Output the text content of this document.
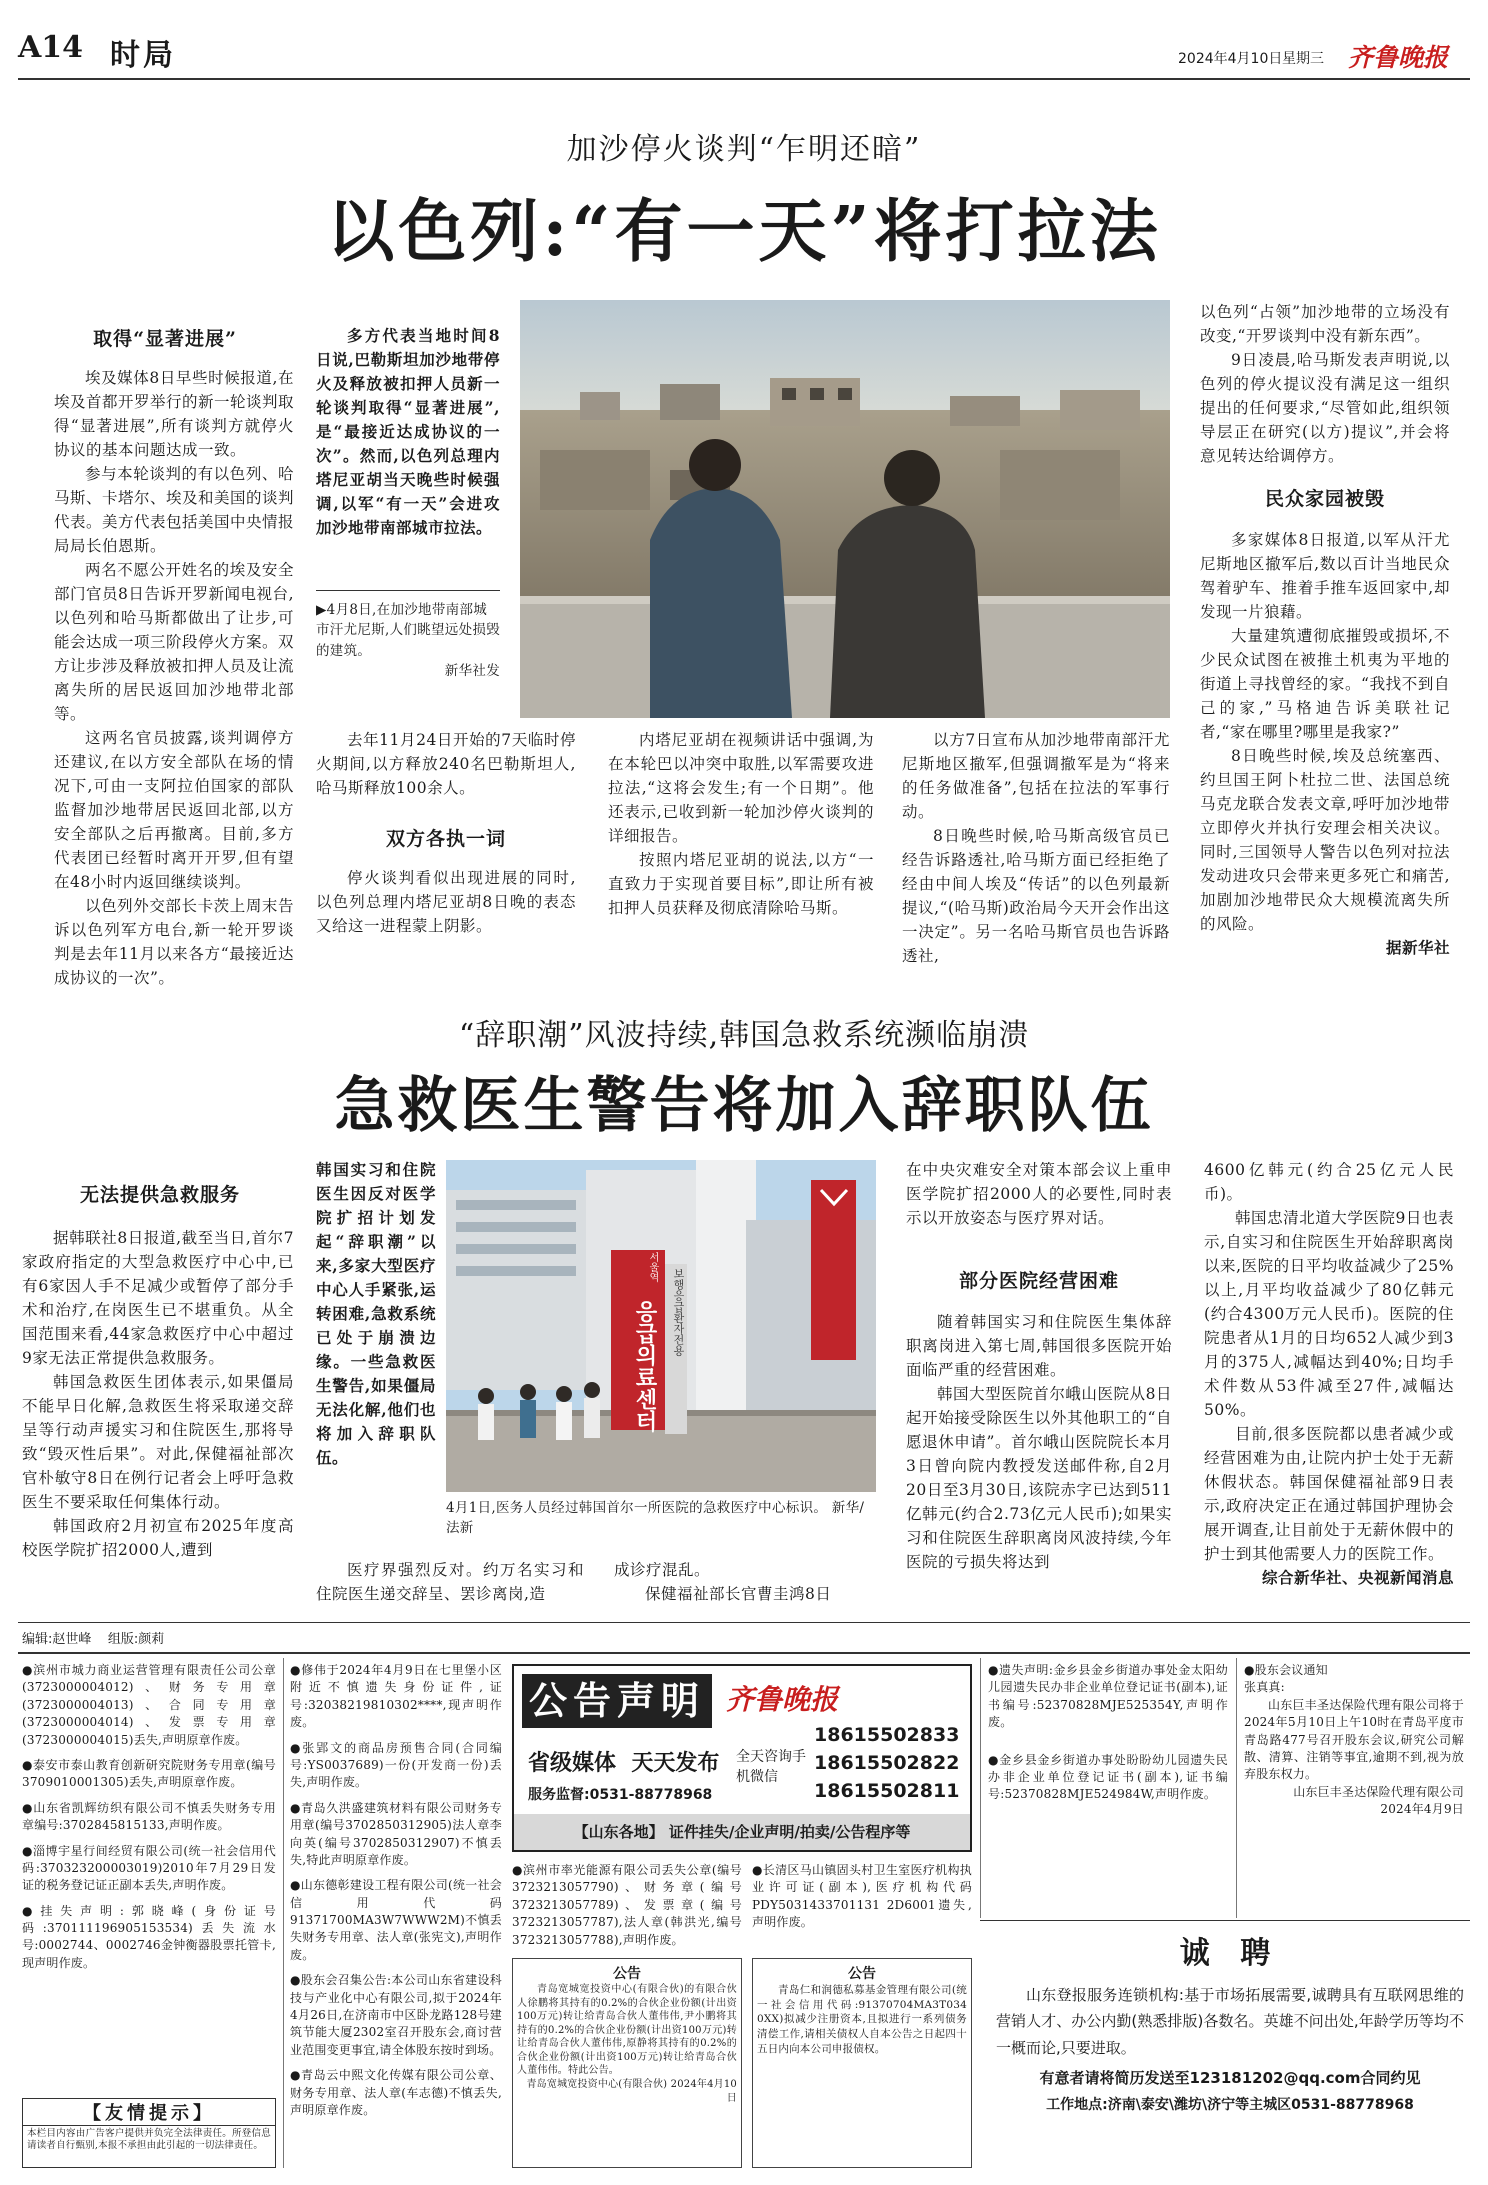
A14 时局	2024年4月10日 星期三 齐鲁晚报
加沙停火谈判“乍明还暗”
以色列:“有一天”将打拉法
取得“显著进展”

埃及媒体8日早些时候报道,在埃及首都开罗举行的新一轮谈判取得“显著进展”,所有谈判方就停火协议的基本问题达成一致。

参与本轮谈判的有以色列、哈马斯、卡塔尔、埃及和美国的谈判代表。美方代表包括美国中央情报局局长伯恩斯。

两名不愿公开姓名的埃及安全部门官员8日告诉开罗新闻电视台,以色列和哈马斯都做出了让步,可能会达成一项三阶段停火方案。双方让步涉及释放被扣押人员及让流离失所的居民返回加沙地带北部等。

这两名官员披露,谈判调停方还建议,在以方安全部队在场的情况下,可由一支阿拉伯国家的部队监督加沙地带居民返回北部,以方安全部队之后再撤离。目前,多方代表团已经暂时离开开罗,但有望在48小时内返回继续谈判。

以色列外交部长卡茨上周末告诉以色列军方电台,新一轮开罗谈判是去年11月以来各方“最接近达成协议的一次”。

多方代表当地时间8日说,巴勒斯坦加沙地带停火及释放被扣押人员新一轮谈判取得“显著进展”,是“最接近达成协议的一次”。然而,以色列总理内塔尼亚胡当天晚些时候强调,以军“有一天”会进攻加沙地带南部城市拉法。
▶4月8日,在加沙地带南部城市汗尤尼斯,人们眺望远处损毁的建筑。
新华社发

去年11月24日开始的7天临时停火期间,以方释放240名巴勒斯坦人,哈马斯释放100余人。

双方各执一词

停火谈判看似出现进展的同时,以色列总理内塔尼亚胡8日晚的表态又给这一进程蒙上阴影。

内塔尼亚胡在视频讲话中强调,为在本轮巴以冲突中取胜,以军需要攻进拉法,“这将会发生;有一个日期”。他还表示,已收到新一轮加沙停火谈判的详细报告。

按照内塔尼亚胡的说法,以方“一直致力于实现首要目标”,即让所有被扣押人员获释及彻底清除哈马斯。

以方7日宣布从加沙地带南部汗尤尼斯地区撤军,但强调撤军是为“将来的任务做准备”,包括在拉法的军事行动。

8日晚些时候,哈马斯高级官员已经告诉路透社,哈马斯方面已经拒绝了经由中间人埃及“传话”的以色列最新提议,“(哈马斯)政治局今天开会作出这一决定”。另一名哈马斯官员也告诉路透社,

以色列“占领”加沙地带的立场没有改变,“开罗谈判中没有新东西”。

9日凌晨,哈马斯发表声明说,以色列的停火提议没有满足这一组织提出的任何要求,“尽管如此,组织领导层正在研究(以方)提议”,并会将意见转达给调停方。

民众家园被毁

多家媒体8日报道,以军从汗尤尼斯地区撤军后,数以百计当地民众驾着驴车、推着手推车返回家中,却发现一片狼藉。

大量建筑遭彻底摧毁或损坏,不少民众试图在被推土机夷为平地的街道上寻找曾经的家。“我找不到自己的家,”马格迪告诉美联社记者,“家在哪里?哪里是我家?”

8日晚些时候,埃及总统塞西、约旦国王阿卜杜拉二世、法国总统马克龙联合发表文章,呼吁加沙地带立即停火并执行安理会相关决议。同时,三国领导人警告以色列对拉法发动进攻只会带来更多死亡和痛苦,加剧加沙地带民众大规模流离失所的风险。

据新华社
“辞职潮”风波持续,韩国急救系统濒临崩溃
急救医生警告将加入辞职队伍
无法提供急救服务

据韩联社8日报道,截至当日,首尔7家政府指定的大型急救医疗中心中,已有6家因人手不足减少或暂停了部分手术和治疗,在岗医生已不堪重负。从全国范围来看,44家急救医疗中心中超过9家无法正常提供急救服务。

韩国急救医生团体表示,如果僵局不能早日化解,急救医生将采取递交辞呈等行动声援实习和住院医生,那将导致“毁灭性后果”。对此,保健福祉部次官朴敏守8日在例行记者会上呼吁急救医生不要采取任何集体行动。

韩国政府2月初宣布2025年度高校医学院扩招2000人,遭到

韩国实习和住院医生因反对医学院扩招计划发起“辞职潮”以来,多家大型医疗中心人手紧张,运转困难,急救系统已处于崩溃边缘。一些急救医生警告,如果僵局无法化解,他们也将加入辞职队伍。
서울역
응급의료센터	보행응급환자전용
4月1日,医务人员经过韩国首尔一所医院的急救医疗中心标识。 新华/法新

医疗界强烈反对。约万名实习和住院医生递交辞呈、罢诊离岗,造

成诊疗混乱。

保健福祉部长官曹圭鸿8日

在中央灾难安全对策本部会议上重申医学院扩招2000人的必要性,同时表示以开放姿态与医疗界对话。

部分医院经营困难

随着韩国实习和住院医生集体辞职离岗进入第七周,韩国很多医院开始面临严重的经营困难。

韩国大型医院首尔峨山医院从8日起开始接受除医生以外其他职工的“自愿退休申请”。首尔峨山医院院长本月3日曾向院内教授发送邮件称,自2月20日至3月30日,该院赤字已达到511亿韩元(约合2.73亿元人民币);如果实习和住院医生辞职离岗风波持续,今年医院的亏损失将达到

4600亿韩元(约合25亿元人民币)。

韩国忠清北道大学医院9日也表示,自实习和住院医生开始辞职离岗以来,医院的日平均收益减少了25%以上,月平均收益减少了80亿韩元(约合4300万元人民币)。医院的住院患者从1月的日均652人减少到3月的375人,减幅达到40%;日均手术件数从53件减至27件,减幅达50%。

目前,很多医院都以患者减少或经营困难为由,让院内护士处于无薪休假状态。韩国保健福祉部9日表示,政府决定正在通过韩国护理协会展开调查,让目前处于无薪休假中的护士到其他需要人力的医院工作。

综合新华社、央视新闻消息
编辑:赵世峰    组版:颜莉
●滨州市城力商业运营管理有限责任公司公章(3723000004012)、财务专用章(3723000004013)、合同专用章(3723000004014)、发票专用章(3723000004015)丢失,声明原章作废。
●泰安市泰山教育创新研究院财务专用章(编号3709010001305)丢失,声明原章作废。
●山东省凯辉纺织有限公司不慎丢失财务专用章编号:3702845815133,声明作废。
●淄博宇星行间经贸有限公司(统一社会信用代码:370323200003019)2010年7月29日发证的税务登记证正副本丢失,声明作废。
●挂失声明:郭晓峰(身份证号码:370111196905153534)丢失流水号:0002744、0002746金钟衡器股票托管卡,现声明作废。
【友情提示】
本栏目内容由广告客户提供并负完全法律责任。所登信息请读者自行甄别,本报不承担由此引起的一切法律责任。
●修伟于2024年4月9日在七里堡小区附近不慎遗失身份证件,证号:32038219810302****,现声明作废。
●张郢文的商品房预售合同(合同编号:YS0037689)一份(开发商一份)丢失,声明作废。
●青岛久洪盛建筑材料有限公司财务专用章(编号3702850312905)法人章李向英(编号3702850312907)不慎丢失,特此声明原章作废。
●山东德彰建设工程有限公司(统一社会信用代码91371700MA3W7WWW2M)不慎丢失财务专用章、法人章(张宪文),声明作废。
●股东会召集公告:本公司山东省建设科技与产业化中心有限公司,拟于2024年4月26日,在济南市中区卧龙路128号建筑节能大厦2302室召开股东会,商讨营业范围变更事宜,请全体股东按时到场。
●青岛云中熙文化传媒有限公司公章、财务专用章、法人章(车志德)不慎丢失,声明原章作废。
公告声明 齐鲁晚报
省级媒体  天天发布
服务监督:0531-88778968
全天咨询手机微信
18615502833
18615502822
18615502811
【山东各地】 证件挂失/企业声明/拍卖/公告程序等
●滨州市率光能源有限公司丢失公章(编号3723213057790)、财务章(编号3723213057789)、发票章(编号3723213057787),法人章(韩洪光,编号3723213057788),声明作废。
●长清区马山镇固头村卫生室医疗机构执业许可证(副本),医疗机构代码PDY5031433701131 2D6001遗失,声明作废。
公告
青岛宽城宽投资中心(有限合伙)的有限合伙人徐鹏将其持有的0.2%的合伙企业份额(计出资100万元)转让给青岛合伙人董伟伟,尹小鹏将其持有的0.2%的合伙企业份额(计出资100万元)转让给青岛合伙人董伟伟,原静将其持有的0.2%的合伙企业份额(计出资100万元)转让给青岛合伙人董伟伟。特此公告。
青岛宽城宽投资中心(有限合伙) 2024年4月10日
公告
青岛仁和润德私募基金管理有限公司(统一社会信用代码:91370704MA3T034 0XX)拟减少注册资本,且拟进行一系列债务清偿工作,请相关债权人自本公告之日起四十五日内向本公司申报债权。
●遗失声明:金乡县金乡街道办事处金太阳幼儿园遗失民办非企业单位登记证书(副本),证书编号:52370828MJE525354Y,声明作废。
●金乡县金乡街道办事处盼盼幼儿园遗失民办非企业单位登记证书(副本),证书编号:52370828MJE524984W,声明作废。
●股东会议通知
张真真:
山东巨丰圣达保险代理有限公司将于2024年5月10日上午10时在青岛平度市青岛路477号召开股东会议,研究公司解散、清算、注销等事宜,逾期不到,视为放弃股东权力。
山东巨丰圣达保险代理有限公司
2024年4月9日
诚 聘
山东登报服务连锁机构:基于市场拓展需要,诚聘具有互联网思维的营销人才、办公内勤(熟悉排版)各数名。英雄不问出处,年龄学历等均不一概而论,只要进取。
有意者请将简历发送至123181202@qq.com合同约见
工作地点:济南\泰安\潍坊\济宁等主城区0531-88778968
